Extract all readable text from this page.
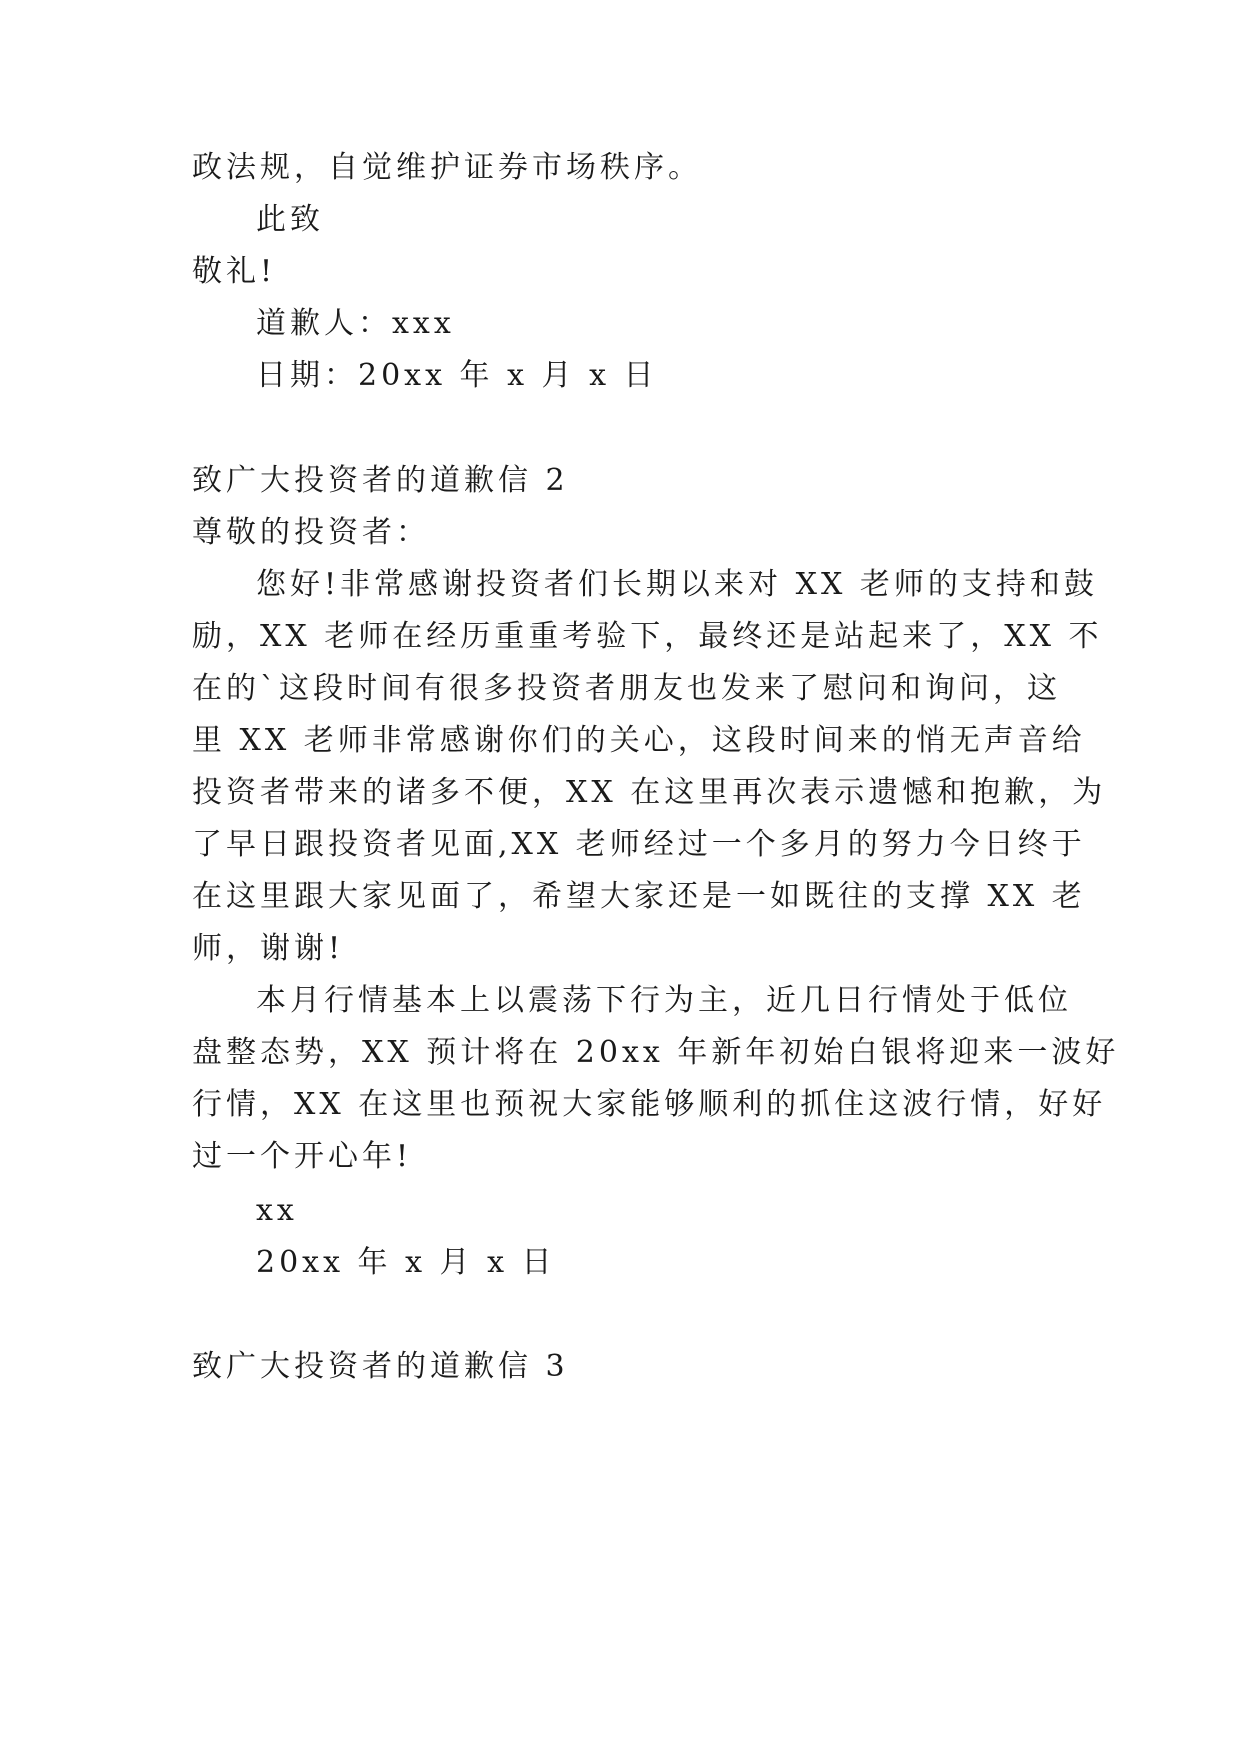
政法规，自觉维护证券市场秩序。
此致
敬礼!
道歉人：xxx
日期：20xx 年 x 月 x 日
致广大投资者的道歉信 2
尊敬的投资者：
您好!非常感谢投资者们长期以来对 XX 老师的支持和鼓
励，XX 老师在经历重重考验下，最终还是站起来了，XX 不
在的`这段时间有很多投资者朋友也发来了慰问和询问，这
里 XX 老师非常感谢你们的关心，这段时间来的悄无声音给
投资者带来的诸多不便，XX 在这里再次表示遗憾和抱歉，为
了早日跟投资者见面,XX 老师经过一个多月的努力今日终于
在这里跟大家见面了，希望大家还是一如既往的支撑 XX 老
师，谢谢!
本月行情基本上以震荡下行为主，近几日行情处于低位
盘整态势，XX 预计将在 20xx 年新年初始白银将迎来一波好
行情，XX 在这里也预祝大家能够顺利的抓住这波行情，好好
过一个开心年!
xx
20xx 年 x 月 x 日
致广大投资者的道歉信 3
